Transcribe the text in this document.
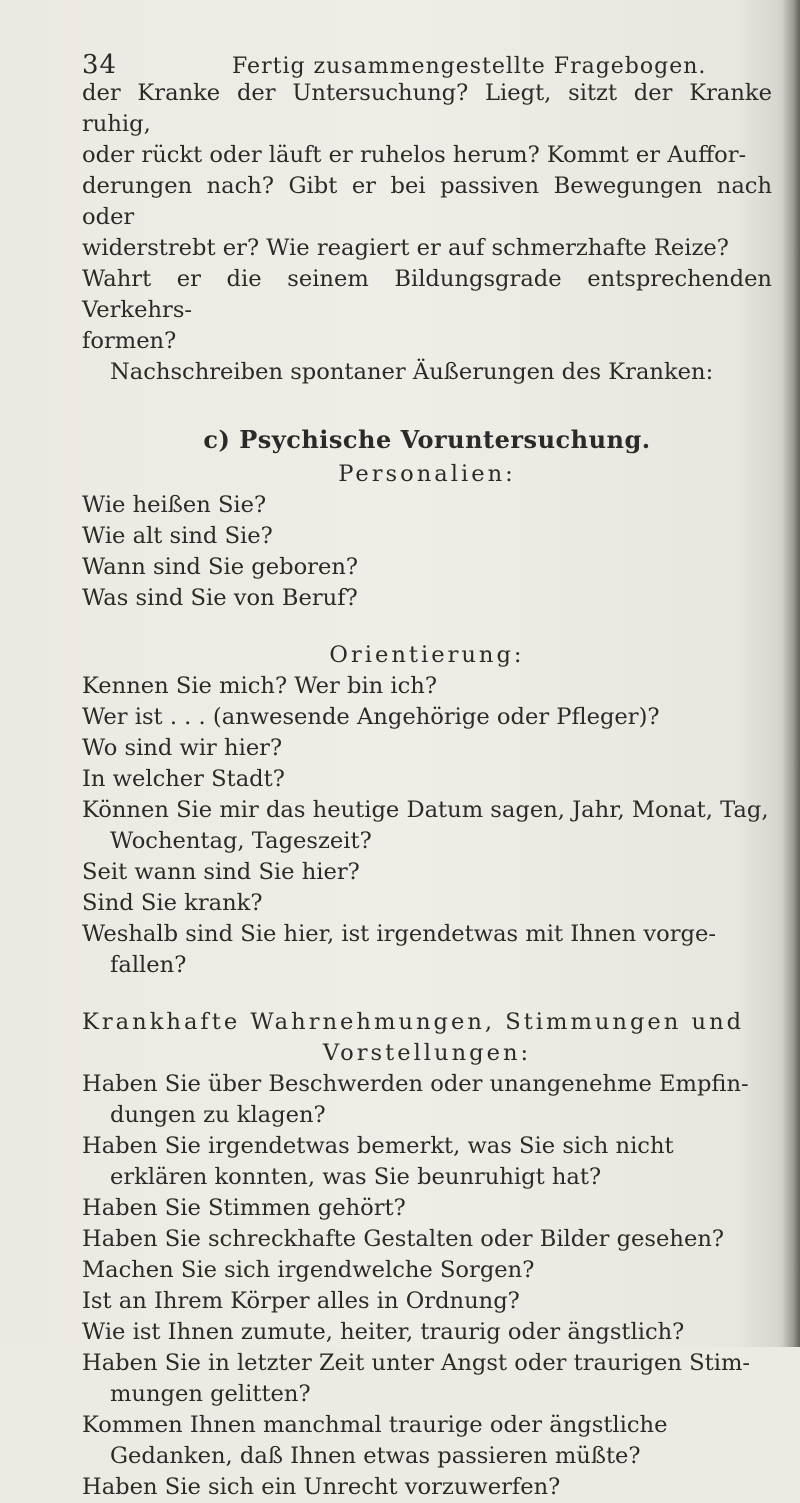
34	Fertig zusammengestellte Fragebogen.

der Kranke der Untersuchung? Liegt, sitzt der Kranke ruhig,

oder rückt oder läuft er ruhelos herum? Kommt er Auffor-

derungen nach? Gibt er bei passiven Bewegungen nach oder

widerstrebt er? Wie reagiert er auf schmerzhafte Reize?

Wahrt er die seinem Bildungsgrade entsprechenden Verkehrs-

formen?

Nachschreiben spontaner Äußerungen des Kranken:

c) Psychische Voruntersuchung.

Personalien:

Wie heißen Sie?
Wie alt sind Sie?
Wann sind Sie geboren?
Was sind Sie von Beruf?

Orientierung:

Kennen Sie mich? Wer bin ich?
Wer ist . . . (anwesende Angehörige oder Pfleger)?
Wo sind wir hier?
In welcher Stadt?
Können Sie mir das heutige Datum sagen, Jahr, Monat, Tag, Wochentag, Tageszeit?
Seit wann sind Sie hier?
Sind Sie krank?
Weshalb sind Sie hier, ist irgendetwas mit Ihnen vorge-fallen?

Krankhafte Wahrnehmungen, Stimmungen und

Vorstellungen:

Haben Sie über Beschwerden oder unangenehme Empfin-dungen zu klagen?
Haben Sie irgendetwas bemerkt, was Sie sich nicht erklären konnten, was Sie beunruhigt hat?
Haben Sie Stimmen gehört?
Haben Sie schreckhafte Gestalten oder Bilder gesehen?
Machen Sie sich irgendwelche Sorgen?
Ist an Ihrem Körper alles in Ordnung?
Wie ist Ihnen zumute, heiter, traurig oder ängstlich?
Haben Sie in letzter Zeit unter Angst oder traurigen Stim-mungen gelitten?
Kommen Ihnen manchmal traurige oder ängstliche Gedanken, daß Ihnen etwas passieren müßte?
Haben Sie sich ein Unrecht vorzuwerfen?
